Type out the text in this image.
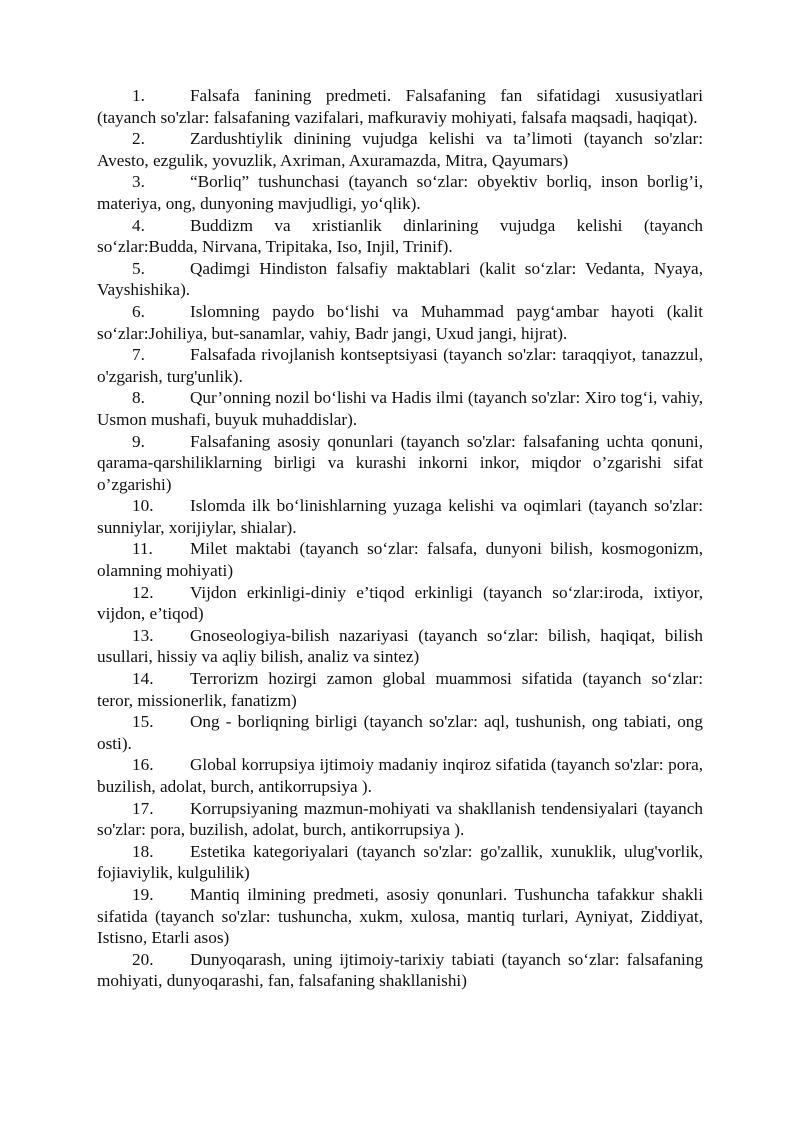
1.	Falsafa fanining predmeti. Falsafaning fan sifatidagi xususiyatlari (tayanch so'zlar: falsafaning vazifalari, mafkuraviy mohiyati, falsafa maqsadi, haqiqat).

2.	Zardushtiylik dinining vujudga kelishi va ta’limoti (tayanch so'zlar: Avesto, ezgulik, yovuzlik, Axriman, Axuramazda, Mitra, Qayumars)

3.	“Borliq” tushunchasi (tayanch so‘zlar: obyektiv borliq, inson borlig’i, materiya, ong, dunyoning mavjudligi, yo‘qlik).

4.	Buddizm va xristianlik dinlarining vujudga kelishi (tayanch so‘zlar:Budda, Nirvana, Tripitaka, Iso, Injil, Trinif).

5.	Qadimgi Hindiston falsafiy maktablari (kalit so‘zlar: Vedanta, Nyaya, Vayshishika).

6.	Islomning paydo bo‘lishi va Muhammad payg‘ambar hayoti (kalit so‘zlar:Johiliya, but-sanamlar, vahiy, Badr jangi, Uxud jangi, hijrat).

7.	Falsafada rivojlanish kontseptsiyasi (tayanch so'zlar: taraqqiyot, tanazzul, o'zgarish, turg'unlik).

8.	Qur’onning nozil bo‘lishi va Hadis ilmi (tayanch so'zlar: Xiro tog‘i, vahiy, Usmon mushafi, buyuk muhaddislar).

9.	Falsafaning asosiy qonunlari (tayanch so'zlar: falsafaning uchta qonuni, qarama-qarshiliklarning birligi va kurashi inkorni inkor, miqdor o’zgarishi sifat o’zgarishi)

10. Islomda ilk bo‘linishlarning yuzaga kelishi va oqimlari (tayanch so'zlar: sunniylar, xorijiylar, shialar).

11. Milet maktabi (tayanch so‘zlar: falsafa, dunyoni bilish, kosmogonizm, olamning mohiyati)

12. Vijdon erkinligi-diniy e’tiqod erkinligi (tayanch so‘zlar:iroda, ixtiyor, vijdon, e’tiqod)

13. Gnoseologiya-bilish nazariyasi (tayanch so‘zlar: bilish, haqiqat, bilish usullari, hissiy va aqliy bilish, analiz va sintez)

14. Terrorizm hozirgi zamon global muammosi sifatida (tayanch so‘zlar: teror, missionerlik, fanatizm)

15. Ong - borliqning birligi (tayanch so'zlar: aql, tushunish, ong tabiati, ong osti).

16. Global korrupsiya ijtimoiy madaniy inqiroz sifatida (tayanch so'zlar: pora, buzilish, adolat, burch, antikorrupsiya ).

17. Korrupsiyaning mazmun-mohiyati va shakllanish tendensiyalari (tayanch so'zlar: pora, buzilish, adolat, burch, antikorrupsiya ).

18. Estetika kategoriyalari (tayanch so'zlar: go'zallik, xunuklik, ulug'vorlik, fojiaviylik, kulgulilik)

19. Mantiq ilmining predmeti, asosiy qonunlari. Tushuncha tafakkur shakli sifatida (tayanch so'zlar: tushuncha, xukm, xulosa, mantiq turlari, Ayniyat, Ziddiyat, Istisno, Etarli asos)

20. Dunyoqarash, uning ijtimoiy-tarixiy tabiati (tayanch so‘zlar: falsafaning mohiyati, dunyoqarashi, fan, falsafaning shakllanishi)
